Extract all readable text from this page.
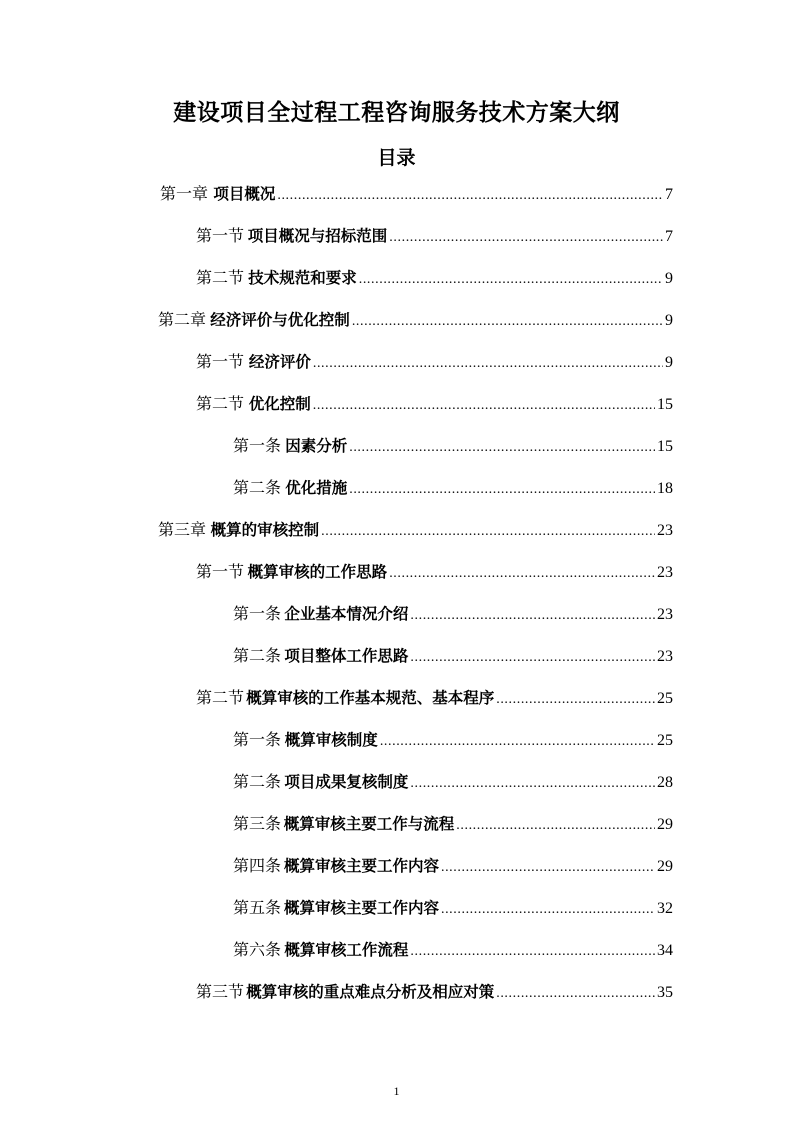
建设项目全过程工程咨询服务技术方案大纲
目录
第一章 项目概况 .....	7
第一节 项目概况与招标范围 .....	7
第二节 技术规范和要求 .....	9
第二章 经济评价与优化控制 .....	9
第一节 经济评价 .....	9
第二节 优化控制 .....	15
第一条 因素分析 .....	15
第二条 优化措施 .....	18
第三章 概算的审核控制 .....	23
第一节 概算审核的工作思路 .....	23
第一条 企业基本情况介绍 .....	23
第二条 项目整体工作思路 .....	23
第二节 概算审核的工作基本规范、基本程序 .....	25
第一条 概算审核制度 .....	25
第二条 项目成果复核制度 .....	28
第三条 概算审核主要工作与流程 .....	29
第四条 概算审核主要工作内容 .....	29
第五条 概算审核主要工作内容 .....	32
第六条 概算审核工作流程 .....	34
第三节 概算审核的重点难点分析及相应对策 .....	35
1
